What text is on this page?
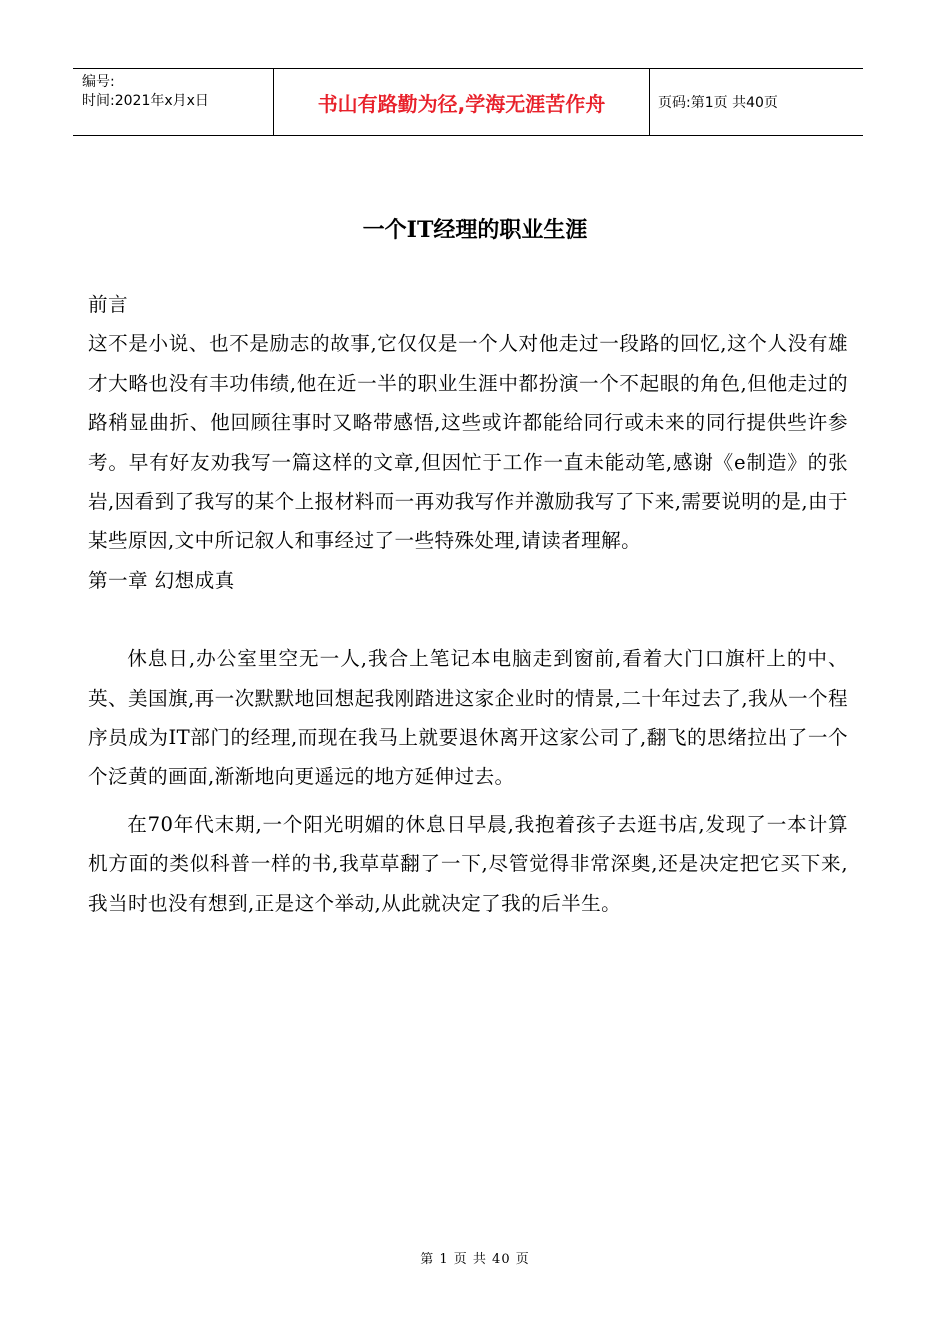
编号:
时间:2021年x月x日	书山有路勤为径,学海无涯苦作舟	页码:第1页 共40页
一个IT经理的职业生涯

前言

这不是小说、也不是励志的故事,它仅仅是一个人对他走过一段路的回忆,这个人没有雄才大略也没有丰功伟绩,他在近一半的职业生涯中都扮演一个不起眼的角色,但他走过的路稍显曲折、他回顾往事时又略带感悟,这些或许都能给同行或未来的同行提供些许参考。早有好友劝我写一篇这样的文章,但因忙于工作一直未能动笔,感谢《e制造》的张岩,因看到了我写的某个上报材料而一再劝我写作并激励我写了下来,需要说明的是,由于某些原因,文中所记叙人和事经过了一些特殊处理,请读者理解。

第一章 幻想成真

休息日,办公室里空无一人,我合上笔记本电脑走到窗前,看着大门口旗杆上的中、英、美国旗,再一次默默地回想起我刚踏进这家企业时的情景,二十年过去了,我从一个程序员成为IT部门的经理,而现在我马上就要退休离开这家公司了,翻飞的思绪拉出了一个个泛黄的画面,渐渐地向更遥远的地方延伸过去。

在70年代末期,一个阳光明媚的休息日早晨,我抱着孩子去逛书店,发现了一本计算机方面的类似科普一样的书,我草草翻了一下,尽管觉得非常深奥,还是决定把它买下来,我当时也没有想到,正是这个举动,从此就决定了我的后半生。

第 1 页 共 40 页
